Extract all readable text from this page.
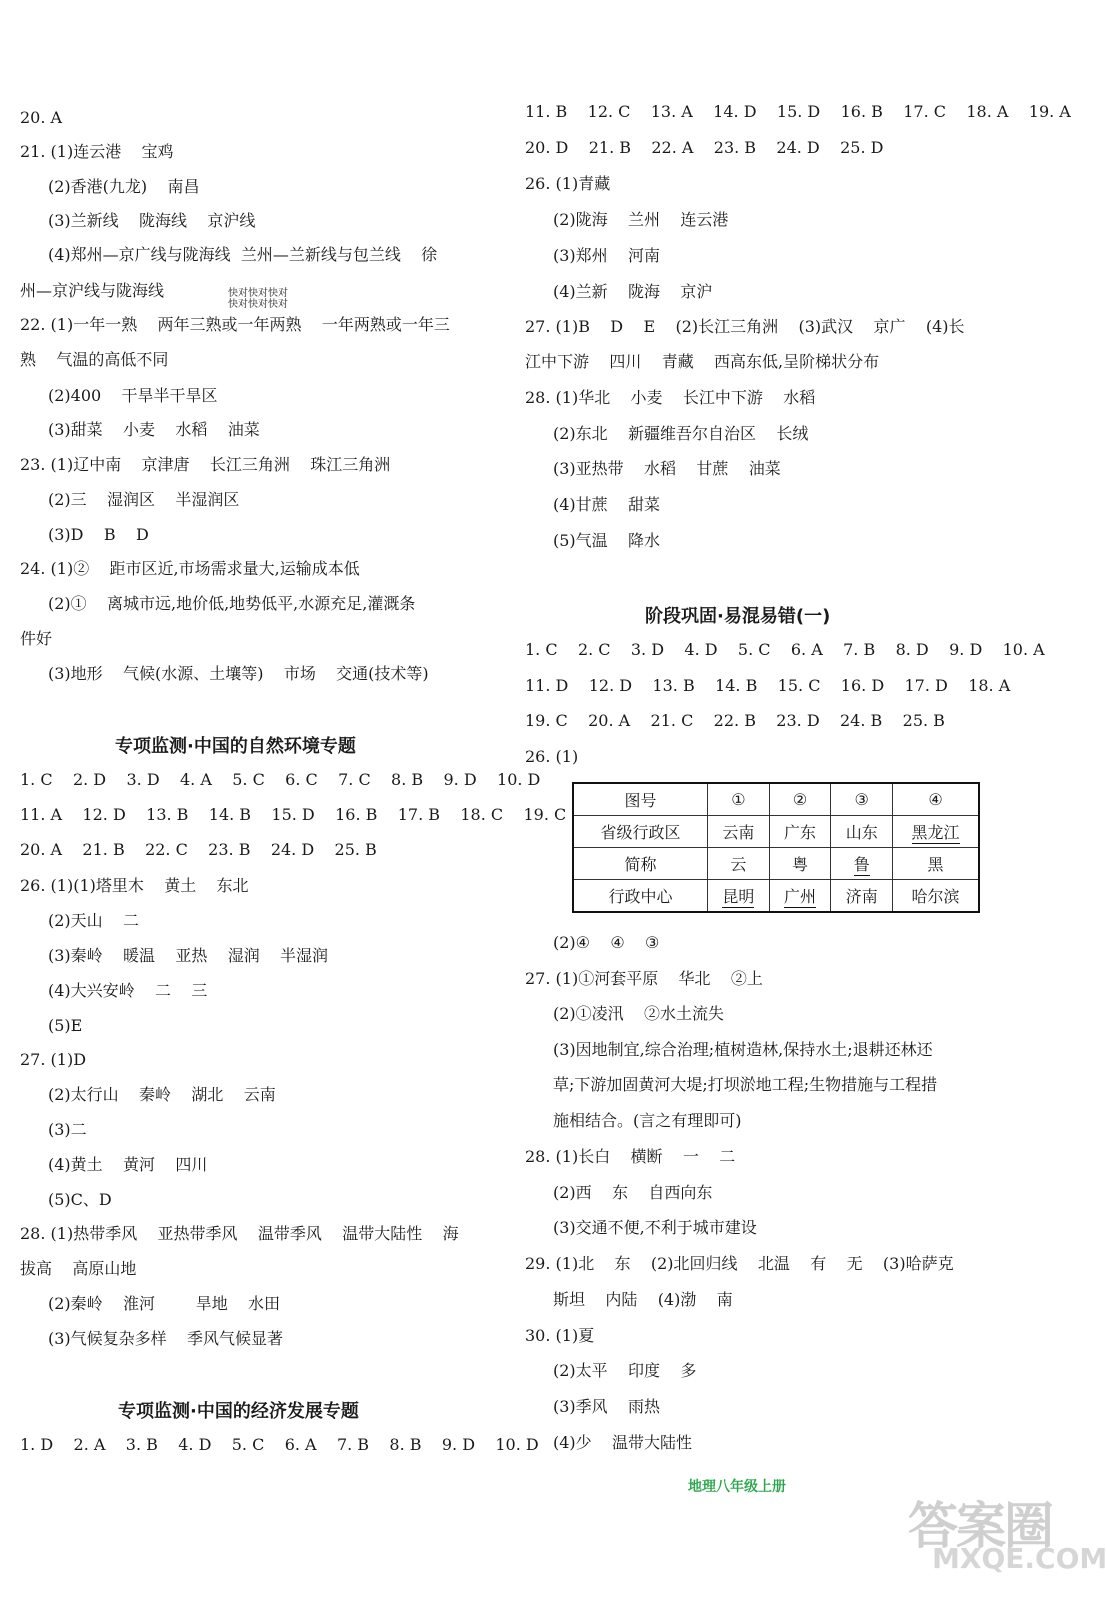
20. A
21. (1)连云港    宝鸡
(2)香港(九龙)    南昌
(3)兰新线    陇海线    京沪线
(4)郑州—京广线与陇海线  兰州—兰新线与包兰线    徐
州—京沪线与陇海线	快对快对快对
快对快对快对
22. (1)一年一熟    两年三熟或一年两熟    一年两熟或一年三
熟    气温的高低不同
(2)400    干旱半干旱区
(3)甜菜    小麦    水稻    油菜
23. (1)辽中南    京津唐    长江三角洲    珠江三角洲
(2)三    湿润区    半湿润区
(3)D    B    D
24. (1)②    距市区近,市场需求量大,运输成本低
(2)①    离城市远,地价低,地势低平,水源充足,灌溉条
件好
(3)地形    气候(水源、土壤等)    市场    交通(技术等)
专项监测·中国的自然环境专题
1. C    2. D    3. D    4. A    5. C    6. C    7. C    8. B    9. D    10. D
11. A    12. D    13. B    14. B    15. D    16. B    17. B    18. C    19. C
20. A    21. B    22. C    23. B    24. D    25. B
26. (1)(1)塔里木    黄土    东北
(2)天山    二
(3)秦岭    暖温    亚热    湿润    半湿润
(4)大兴安岭    二    三
(5)E
27. (1)D
(2)太行山    秦岭    湖北    云南
(3)二
(4)黄土    黄河    四川
(5)C、D
28. (1)热带季风    亚热带季风    温带季风    温带大陆性    海
拔高    高原山地
(2)秦岭    淮河        旱地    水田
(3)气候复杂多样    季风气候显著
专项监测·中国的经济发展专题
1. D    2. A    3. B    4. D    5. C    6. A    7. B    8. B    9. D    10. D
11. B    12. C    13. A    14. D    15. D    16. B    17. C    18. A    19. A
20. D    21. B    22. A    23. B    24. D    25. D
26. (1)青藏
(2)陇海    兰州    连云港
(3)郑州    河南
(4)兰新    陇海    京沪
27. (1)B    D    E    (2)长江三角洲    (3)武汉    京广    (4)长
江中下游    四川    青藏    西高东低,呈阶梯状分布
28. (1)华北    小麦    长江中下游    水稻
(2)东北    新疆维吾尔自治区    长绒
(3)亚热带    水稻    甘蔗    油菜
(4)甘蔗    甜菜
(5)气温    降水
阶段巩固·易混易错(一)
1. C    2. C    3. D    4. D    5. C    6. A    7. B    8. D    9. D    10. A
11. D    12. D    13. B    14. B    15. C    16. D    17. D    18. A
19. C    20. A    21. C    22. B    23. D    24. B    25. B
26. (1)
(2)④    ④    ③
27. (1)①河套平原    华北    ②上
(2)①凌汛    ②水土流失
(3)因地制宜,综合治理;植树造林,保持水土;退耕还林还
草;下游加固黄河大堤;打坝淤地工程;生物措施与工程措
施相结合。(言之有理即可)
28. (1)长白    横断    一    二
(2)西    东    自西向东
(3)交通不便,不利于城市建设
29. (1)北    东    (2)北回归线    北温    有    无    (3)哈萨克
斯坦    内陆    (4)渤    南
30. (1)夏
(2)太平    印度    多
(3)季风    雨热
(4)少    温带大陆性
图号	①	②	③	④
省级行政区	云南	广东	山东	黑龙江
简称	云	粤	鲁	黑
行政中心	昆明	广州	济南	哈尔滨
地理八年级上册
答案圈
MXQE.COM
